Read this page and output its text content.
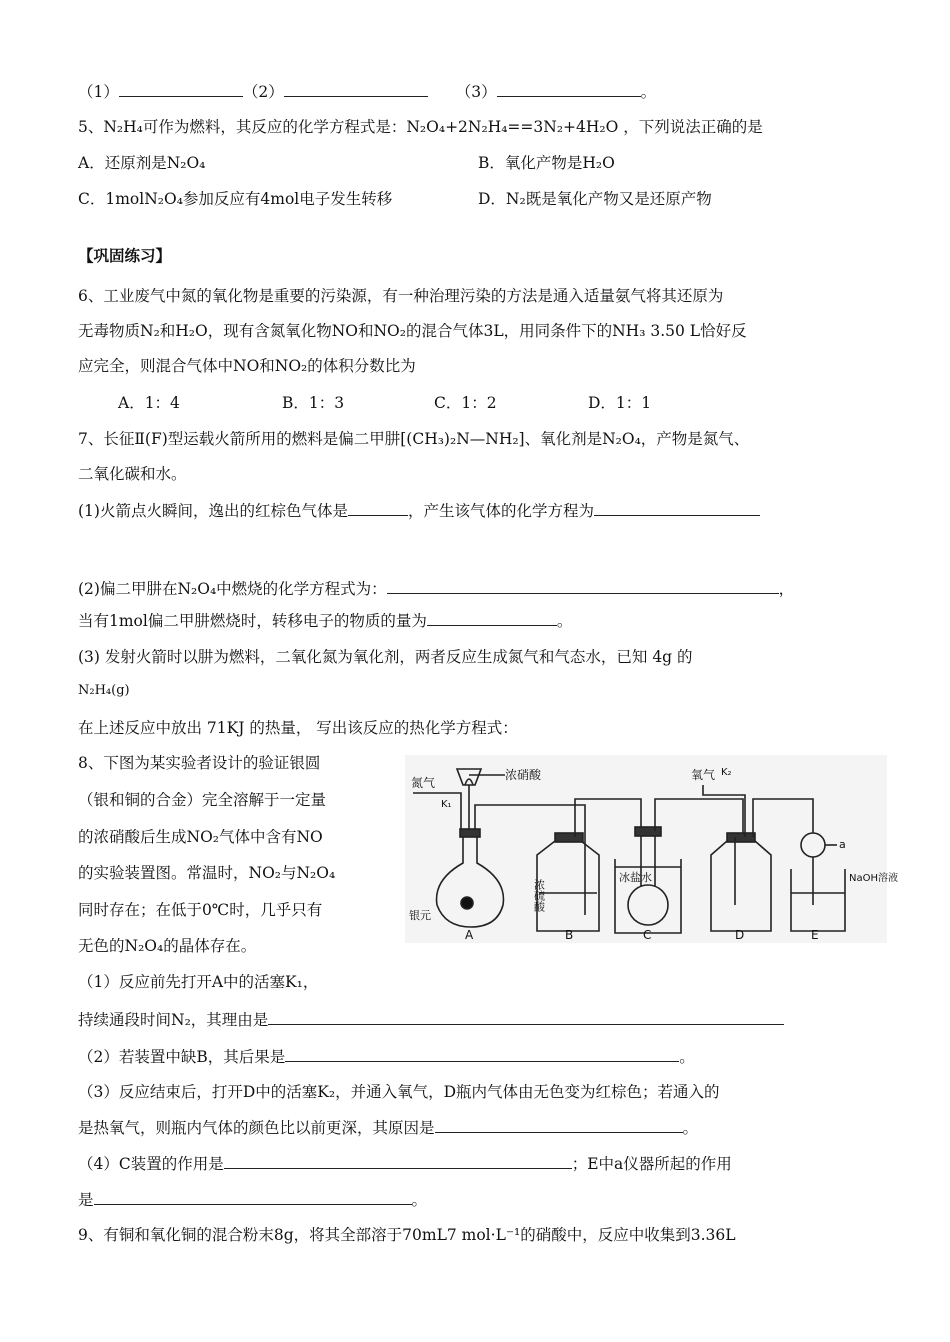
（1）	（2）	（3）	。
5、N₂H₄可作为燃料，其反应的化学方程式是：N₂O₄+2N₂H₄==3N₂+4H₂O ，下列说法正确的是
A．还原剂是N₂O₄	B．氧化产物是H₂O
C．1molN₂O₄参加反应有4mol电子发生转移	D．N₂既是氧化产物又是还原产物
【巩固练习】
6、工业废气中氮的氧化物是重要的污染源，有一种治理污染的方法是通入适量氨气将其还原为
无毒物质N₂和H₂O，现有含氮氧化物NO和NO₂的混合气体3L，用同条件下的NH₃ 3.50 L恰好反
应完全，则混合气体中NO和NO₂的体积分数比为
A．1：4	B．1：3	C．1：2	D．1：1
7、长征Ⅱ(F)型运载火箭所用的燃料是偏二甲肼[(CH₃)₂N—NH₂]、氧化剂是N₂O₄，产物是氮气、
二氧化碳和水。
(1)火箭点火瞬间，逸出的红棕色气体是	，产生该气体的化学方程为
(2)偏二甲肼在N₂O₄中燃烧的化学方程式为：	，
当有1mol偏二甲肼燃烧时，转移电子的物质的量为	。
(3) 发射火箭时以肼为燃料，二氧化氮为氧化剂，两者反应生成氮气和气态水，已知 4g 的
N₂H₄(g)
在上述反应中放出 71KJ 的热量， 写出该反应的热化学方程式：
8、下图为某实验者设计的验证银圆
（银和铜的合金）完全溶解于一定量
的浓硝酸后生成NO₂气体中含有NO
的实验装置图。常温时，NO₂与N₂O₄
同时存在；在低于0℃时，几乎只有
无色的N₂O₄的晶体存在。
氮气
K₁
浓硝酸	氧气 K₂
浓硫酸
冰盐水
a
NaOH溶液
银元
A	B	C	D	E
（1）反应前先打开A中的活塞K₁，
持续通段时间N₂，其理由是
（2）若装置中缺B，其后果是	。
（3）反应结束后，打开D中的活塞K₂，并通入氧气，D瓶内气体由无色变为红棕色；若通入的
是热氧气，则瓶内气体的颜色比以前更深，其原因是	。
（4）C装置的作用是	；E中a仪器所起的作用
是	。
9、有铜和氧化铜的混合粉末8g，将其全部溶于70mL7 mol·L⁻¹的硝酸中，反应中收集到3.36L
